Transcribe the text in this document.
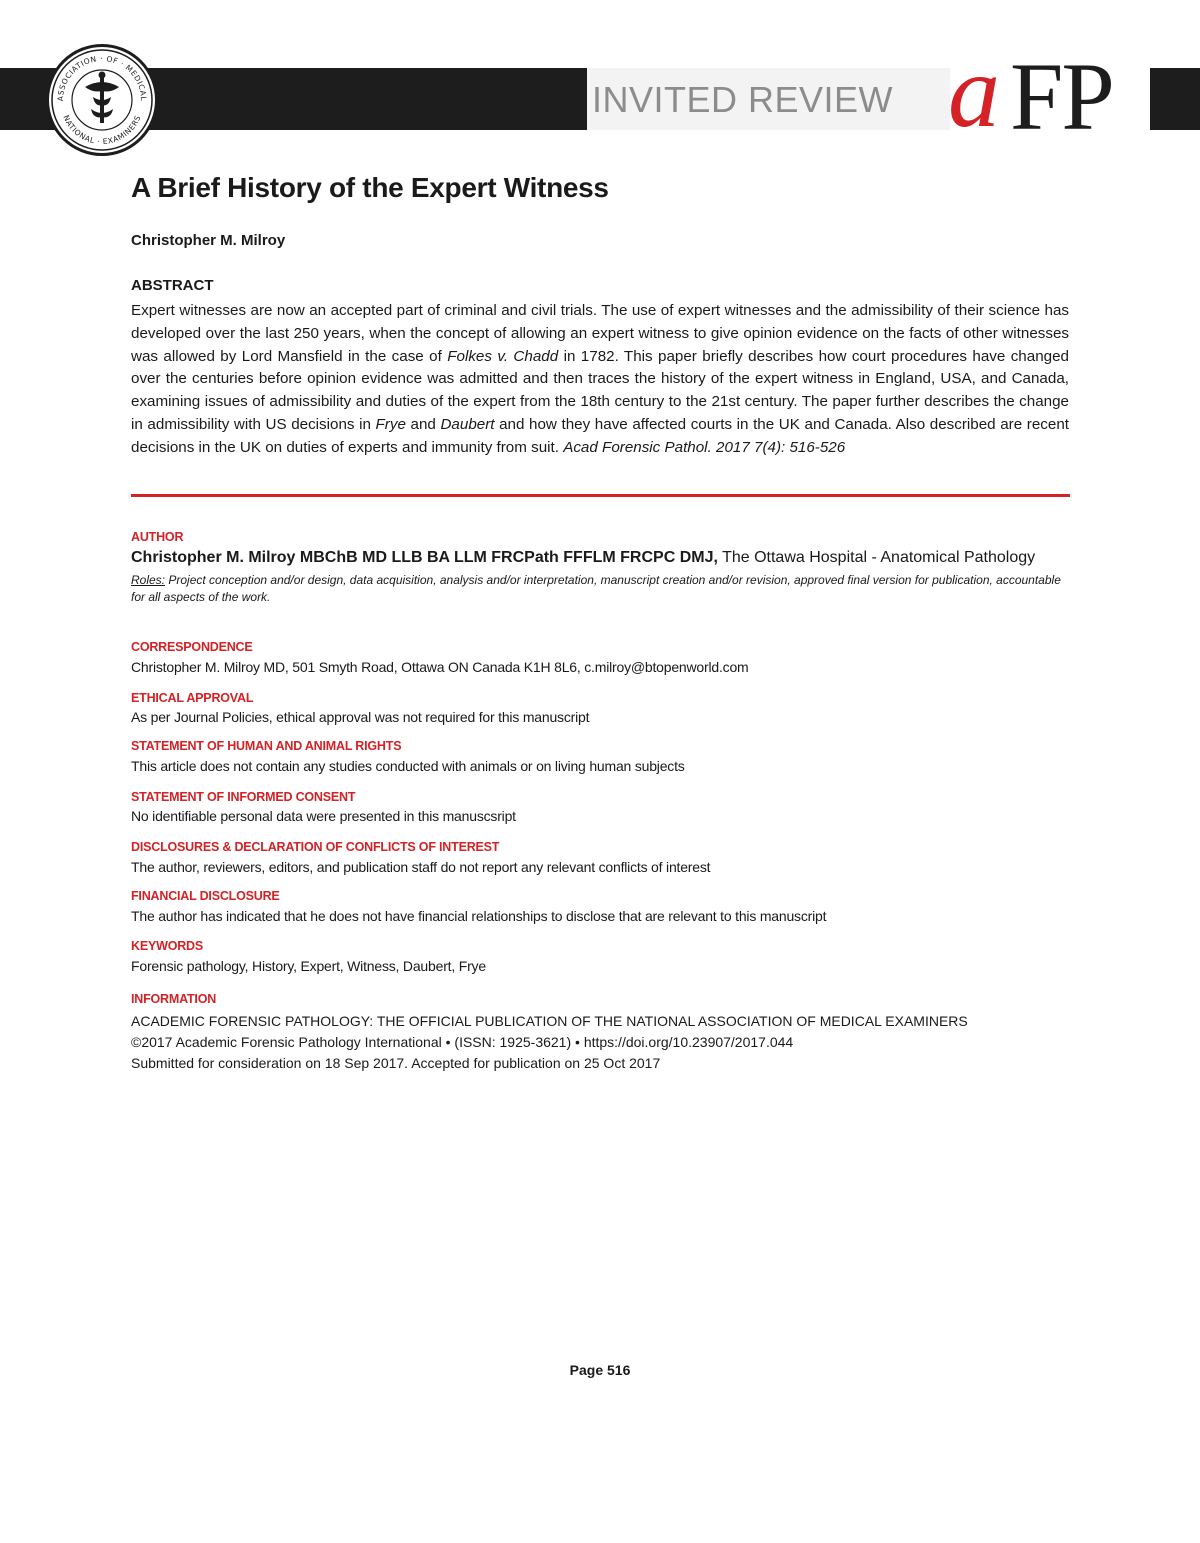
ASSOCIATION · OF · MEDICAL
NATIONAL · EXAMINERS	INVITED REVIEW a FP
A Brief History of the Expert Witness
Christopher M. Milroy
ABSTRACT

Expert witnesses are now an accepted part of criminal and civil trials. The use of expert witnesses and the admissibility of their science has developed over the last 250 years, when the concept of allowing an expert witness to give opinion evidence on the facts of other witnesses was allowed by Lord Mansfield in the case of Folkes v. Chadd in 1782. This paper briefly describes how court procedures have changed over the centuries before opinion evidence was admitted and then traces the history of the expert witness in England, USA, and Canada, examining issues of admissibility and duties of the expert from the 18th century to the 21st century. The paper further describes the change in admissibility with US decisions in Frye and Daubert and how they have affected courts in the UK and Canada. Also described are recent decisions in the UK on duties of experts and immunity from suit. Acad Forensic Pathol. 2017 7(4): 516-526

AUTHOR
Christopher M. Milroy MBChB MD LLB BA LLM FRCPath FFFLM FRCPC DMJ, The Ottawa Hospital - Anatomical Pathology
Roles: Project conception and/or design, data acquisition, analysis and/or interpretation, manuscript creation and/or revision, approved final version for publication, accountable for all aspects of the work.
CORRESPONDENCE
Christopher M. Milroy MD, 501 Smyth Road, Ottawa ON Canada K1H 8L6, c.milroy@btopenworld.com
ETHICAL APPROVAL
As per Journal Policies, ethical approval was not required for this manuscript
STATEMENT OF HUMAN AND ANIMAL RIGHTS
This article does not contain any studies conducted with animals or on living human subjects
STATEMENT OF INFORMED CONSENT
No identifiable personal data were presented in this manuscsript
DISCLOSURES & DECLARATION OF CONFLICTS OF INTEREST
The author, reviewers, editors, and publication staff do not report any relevant conflicts of interest
FINANCIAL DISCLOSURE
The author has indicated that he does not have financial relationships to disclose that are relevant to this manuscript
KEYWORDS
Forensic pathology, History, Expert, Witness, Daubert, Frye
INFORMATION
ACADEMIC FORENSIC PATHOLOGY: THE OFFICIAL PUBLICATION OF THE NATIONAL ASSOCIATION OF MEDICAL EXAMINERS
©2017 Academic Forensic Pathology International • (ISSN: 1925-3621) • https://doi.org/10.23907/2017.044
Submitted for consideration on 18 Sep 2017. Accepted for publication on 25 Oct 2017
Page 516
